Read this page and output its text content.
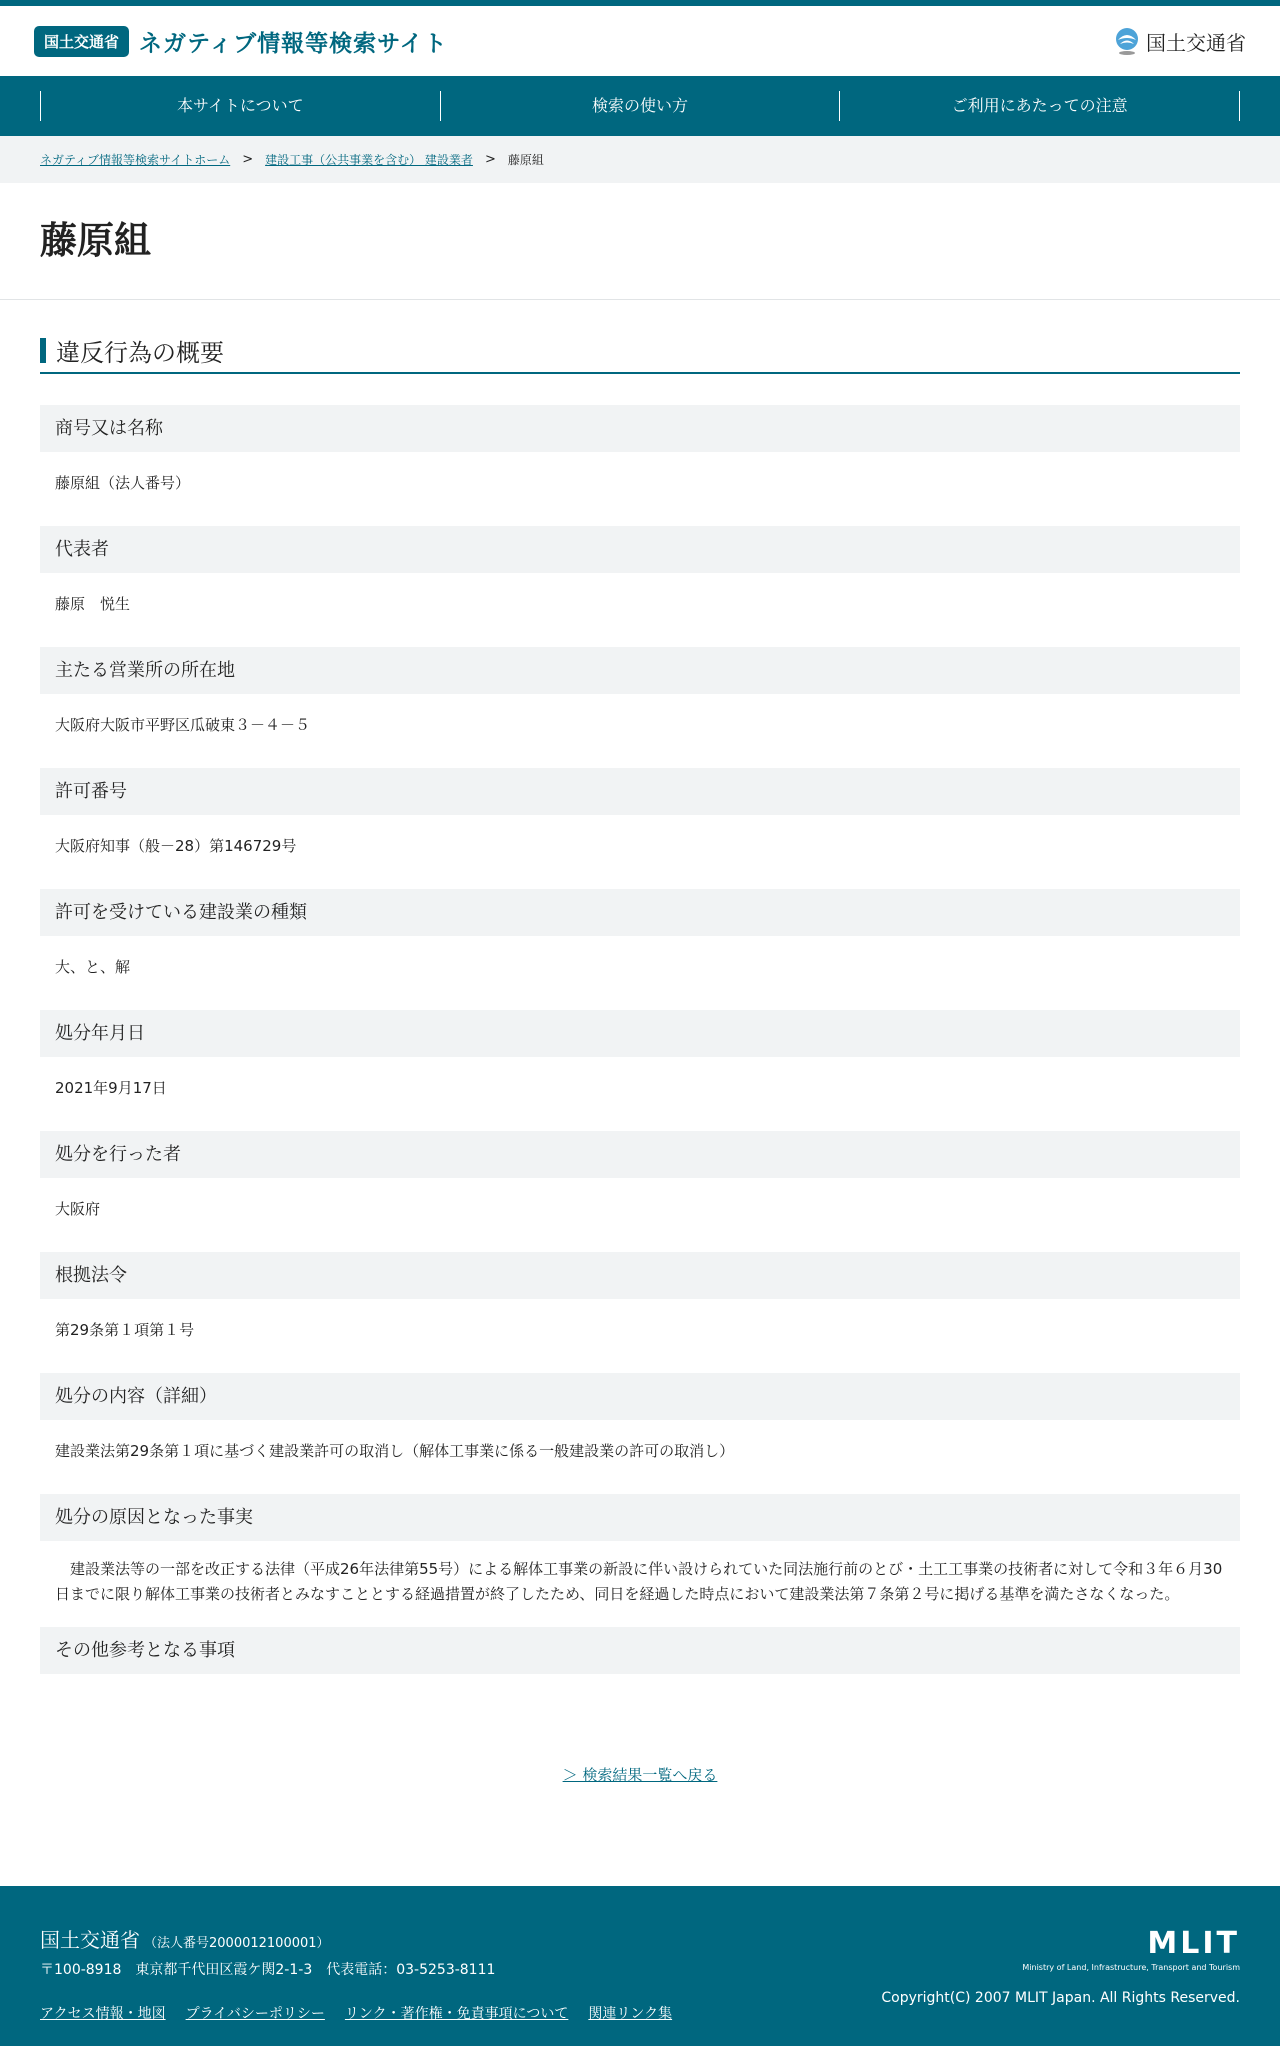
国土交通省 ネガティブ情報等検索サイト	国土交通省
本サイトについて	検索の使い方	ご利用にあたっての注意
ネガティブ情報等検索サイトホーム > 建設工事（公共事業を含む） 建設業者 > 藤原組
藤原組
違反行為の概要
商号又は名称
藤原組（法人番号）
代表者
藤原　悦生
主たる営業所の所在地
大阪府大阪市平野区瓜破東３－４－５
許可番号
大阪府知事（般－28）第146729号
許可を受けている建設業の種類
大、と、解
処分年月日
2021年9月17日
処分を行った者
大阪府
根拠法令
第29条第１項第１号
処分の内容（詳細）
建設業法第29条第１項に基づく建設業許可の取消し（解体工事業に係る一般建設業の許可の取消し）
処分の原因となった事実
建設業法等の一部を改正する法律（平成26年法律第55号）による解体工事業の新設に伴い設けられていた同法施行前のとび・土工工事業の技術者に対して令和３年６月30日までに限り解体工事業の技術者とみなすこととする経過措置が終了したため、同日を経過した時点において建設業法第７条第２号に掲げる基準を満たさなくなった。
その他参考となる事項
＞ 検索結果一覧へ戻る
国土交通省 （法人番号2000012100001）
〒100-8918　東京都千代田区霞ケ関2-1-3　代表電話：03-5253-8111
アクセス情報・地図 プライバシーポリシー リンク・著作権・免責事項について 関連リンク集
MLIT
Ministry of Land, Infrastructure, Transport and Tourism
Copyright(C) 2007 MLIT Japan. All Rights Reserved.
